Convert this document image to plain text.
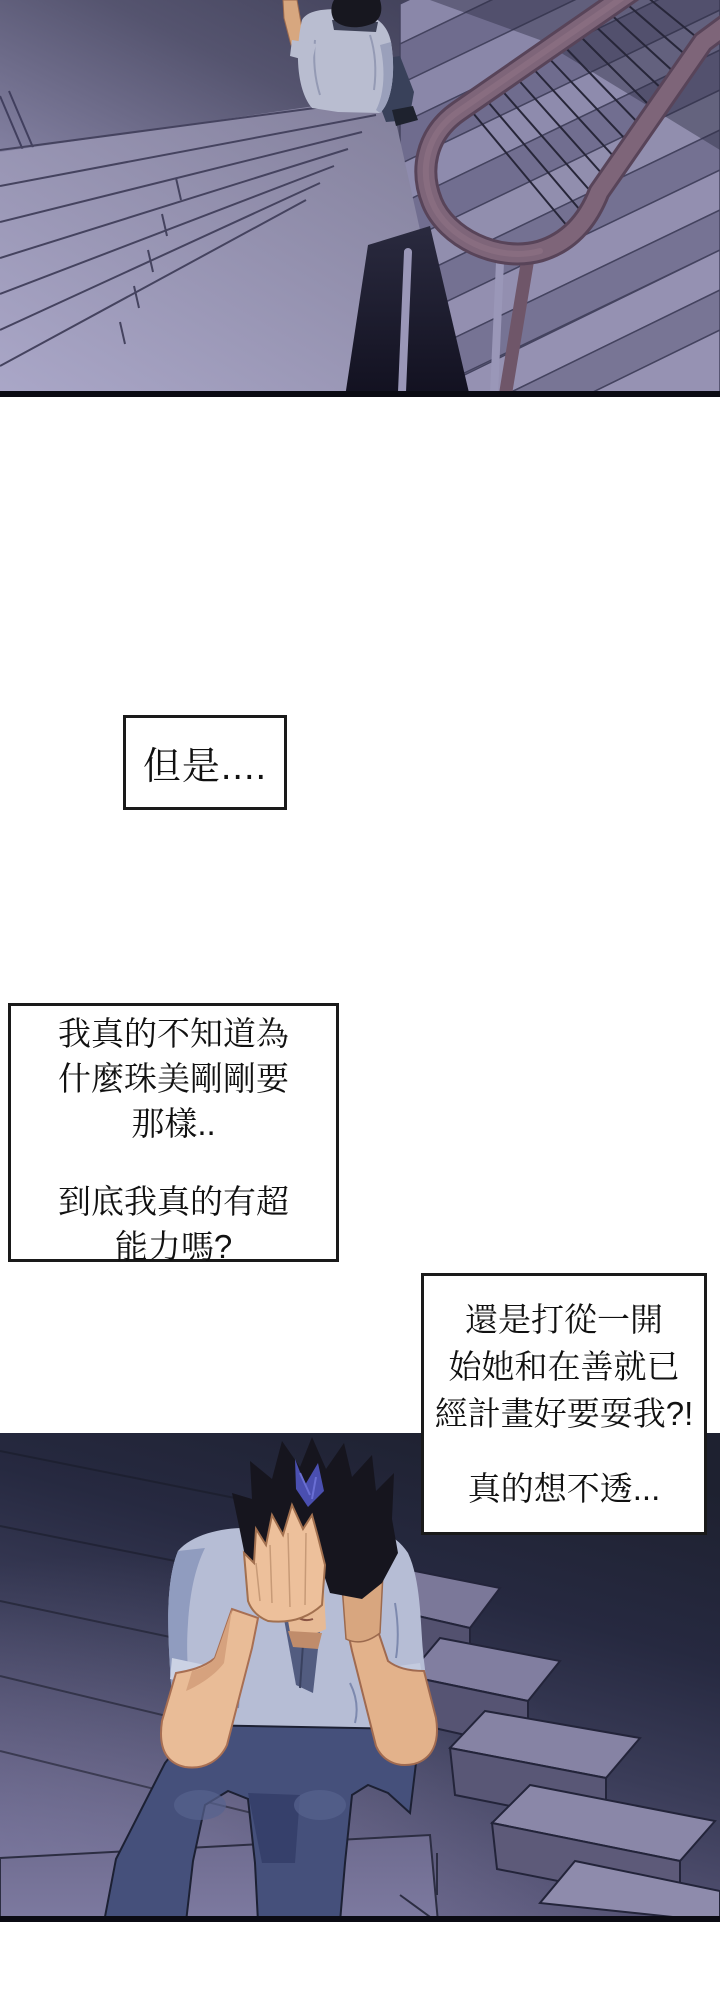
但是....
我真的不知道為
什麼珠美剛剛要
那樣..
到底我真的有超
能力嗎?
還是打從一開
始她和在善就已
經計畫好要耍我?!
真的想不透...
